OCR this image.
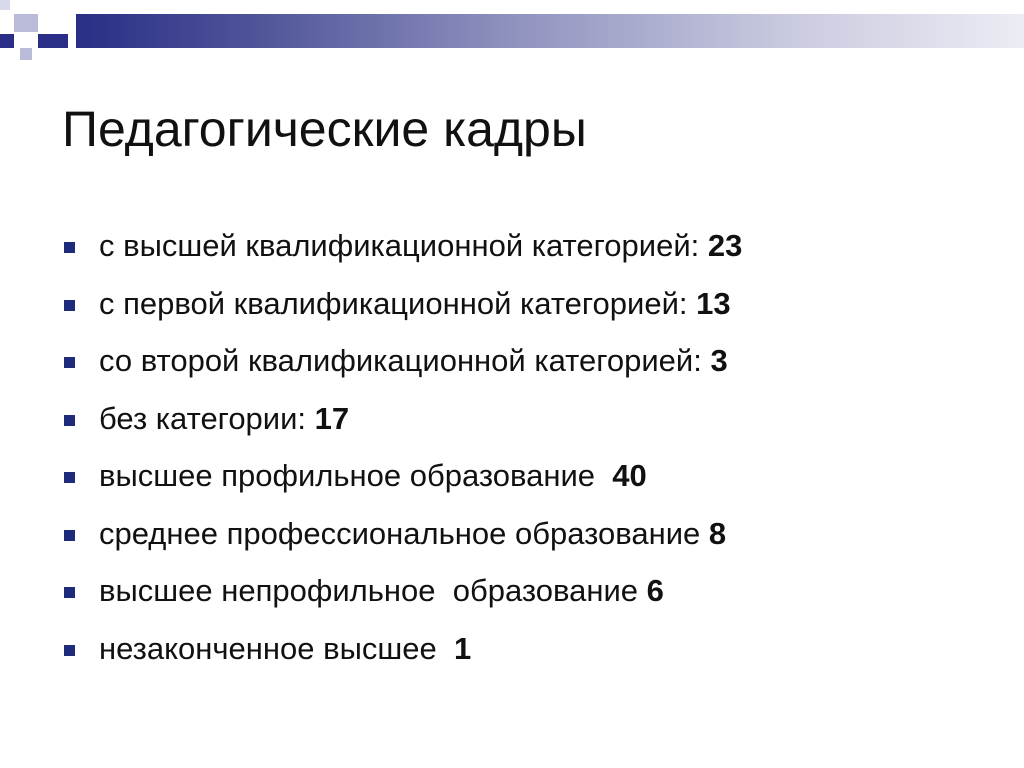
Педагогические кадры
с высшей квалификационной категорией: 23
с первой квалификационной категорией: 13
со второй квалификационной категорией: 3
без категории: 17
высшее профильное образование  40
среднее профессиональное образование 8
высшее непрофильное  образование 6
незаконченное высшее  1
